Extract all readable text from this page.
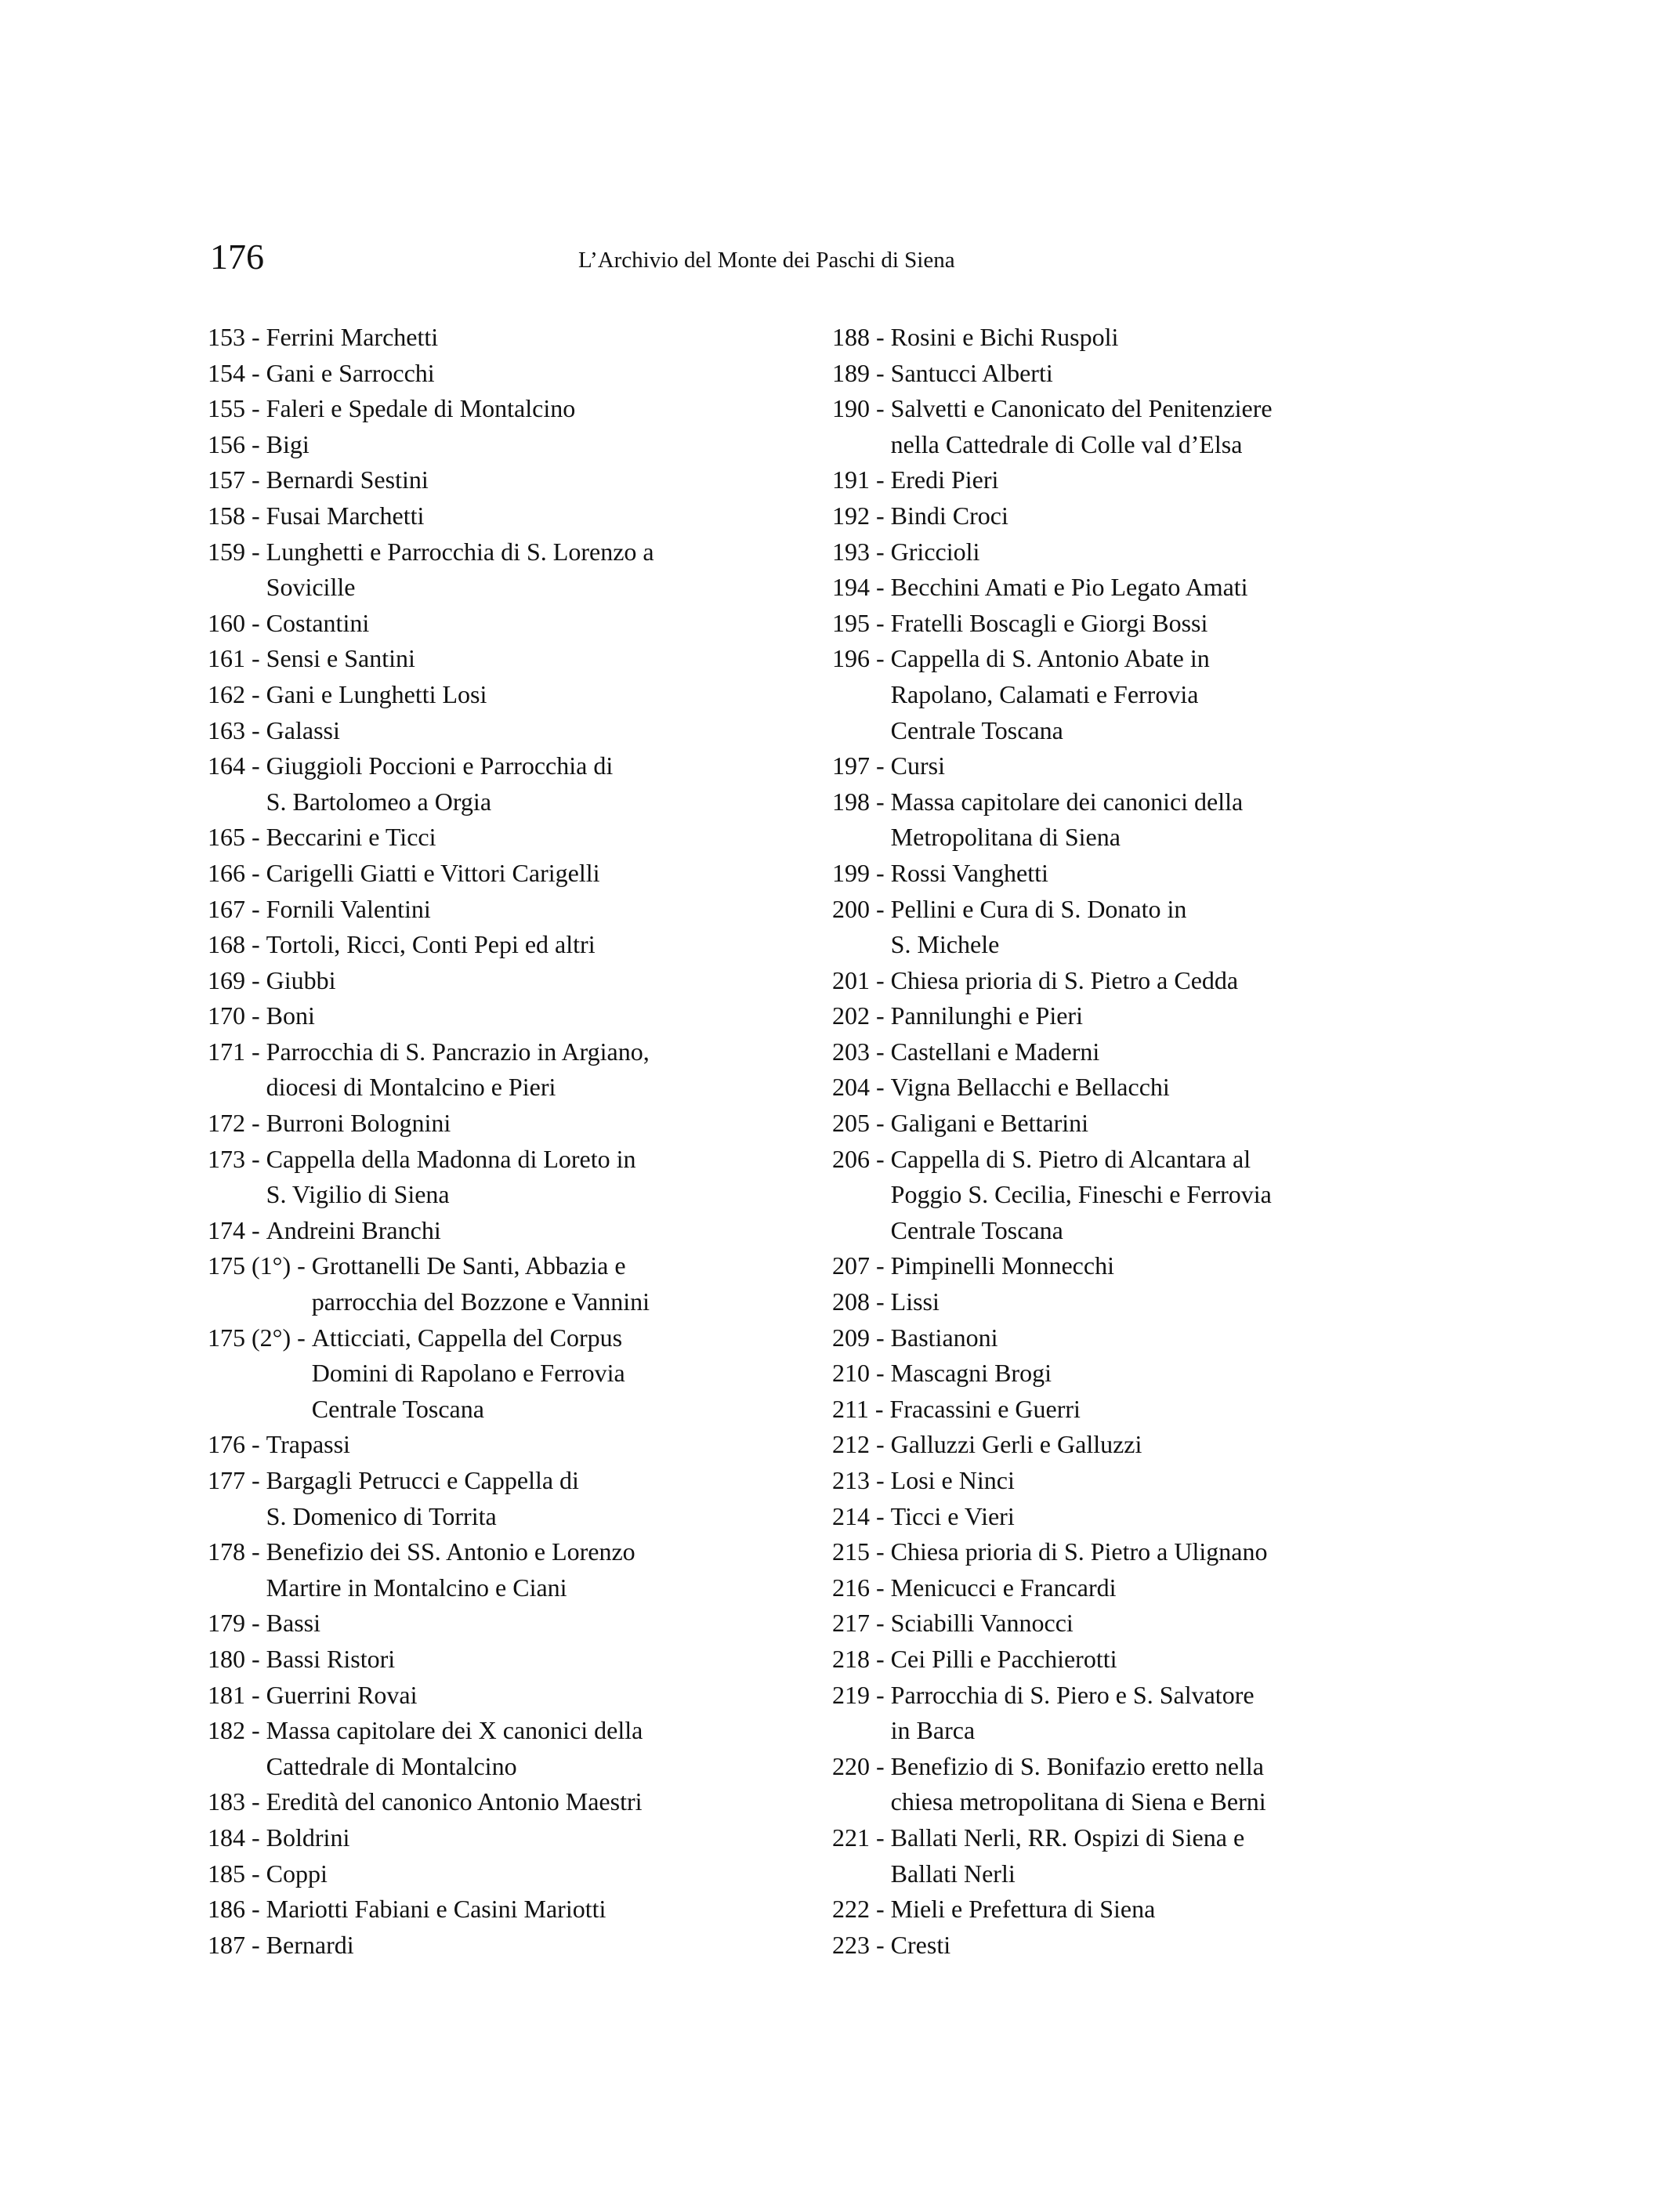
176	L’Archivio del Monte dei Paschi di Siena
153 - Ferrini Marchetti
154 - Gani e Sarrocchi
155 - Faleri e Spedale di Montalcino
156 - Bigi
157 - Bernardi Sestini
158 - Fusai Marchetti
159 - Lunghetti e Parrocchia di S. Lorenzo a
Sovicille
160 - Costantini
161 - Sensi e Santini
162 - Gani e Lunghetti Losi
163 - Galassi
164 - Giuggioli Poccioni e Parrocchia di
S. Bartolomeo a Orgia
165 - Beccarini e Ticci
166 - Carigelli Giatti e Vittori Carigelli
167 - Fornili Valentini
168 - Tortoli, Ricci, Conti Pepi ed altri
169 - Giubbi
170 - Boni
171 - Parrocchia di S. Pancrazio in Argiano,
diocesi di Montalcino e Pieri
172 - Burroni Bolognini
173 - Cappella della Madonna di Loreto in
S. Vigilio di Siena
174 - Andreini Branchi
175 (1°) - Grottanelli De Santi, Abbazia e
parrocchia del Bozzone e Vannini
175 (2°) - Atticciati, Cappella del Corpus
Domini di Rapolano e Ferrovia
Centrale Toscana
176 - Trapassi
177 - Bargagli Petrucci e Cappella di
S. Domenico di Torrita
178 - Benefizio dei SS. Antonio e Lorenzo
Martire in Montalcino e Ciani
179 - Bassi
180 - Bassi Ristori
181 - Guerrini Rovai
182 - Massa capitolare dei X canonici della
Cattedrale di Montalcino
183 - Eredità del canonico Antonio Maestri
184 - Boldrini
185 - Coppi
186 - Mariotti Fabiani e Casini Mariotti
187 - Bernardi
188 - Rosini e Bichi Ruspoli
189 - Santucci Alberti
190 - Salvetti e Canonicato del Penitenziere
nella Cattedrale di Colle val d’Elsa
191 - Eredi Pieri
192 - Bindi Croci
193 - Griccioli
194 - Becchini Amati e Pio Legato Amati
195 - Fratelli Boscagli e Giorgi Bossi
196 - Cappella di S. Antonio Abate in
Rapolano, Calamati e Ferrovia
Centrale Toscana
197 - Cursi
198 - Massa capitolare dei canonici della
Metropolitana di Siena
199 - Rossi Vanghetti
200 - Pellini e Cura di S. Donato in
S. Michele
201 - Chiesa prioria di S. Pietro a Cedda
202 - Pannilunghi e Pieri
203 - Castellani e Maderni
204 - Vigna Bellacchi e Bellacchi
205 - Galigani e Bettarini
206 - Cappella di S. Pietro di Alcantara al
Poggio S. Cecilia, Fineschi e Ferrovia
Centrale Toscana
207 - Pimpinelli Monnecchi
208 - Lissi
209 - Bastianoni
210 - Mascagni Brogi
211 - Fracassini e Guerri
212 - Galluzzi Gerli e Galluzzi
213 - Losi e Ninci
214 - Ticci e Vieri
215 - Chiesa prioria di S. Pietro a Ulignano
216 - Menicucci e Francardi
217 - Sciabilli Vannocci
218 - Cei Pilli e Pacchierotti
219 - Parrocchia di S. Piero e S. Salvatore
in Barca
220 - Benefizio di S. Bonifazio eretto nella
chiesa metropolitana di Siena e Berni
221 - Ballati Nerli, RR. Ospizi di Siena e
Ballati Nerli
222 - Mieli e Prefettura di Siena
223 - Cresti
